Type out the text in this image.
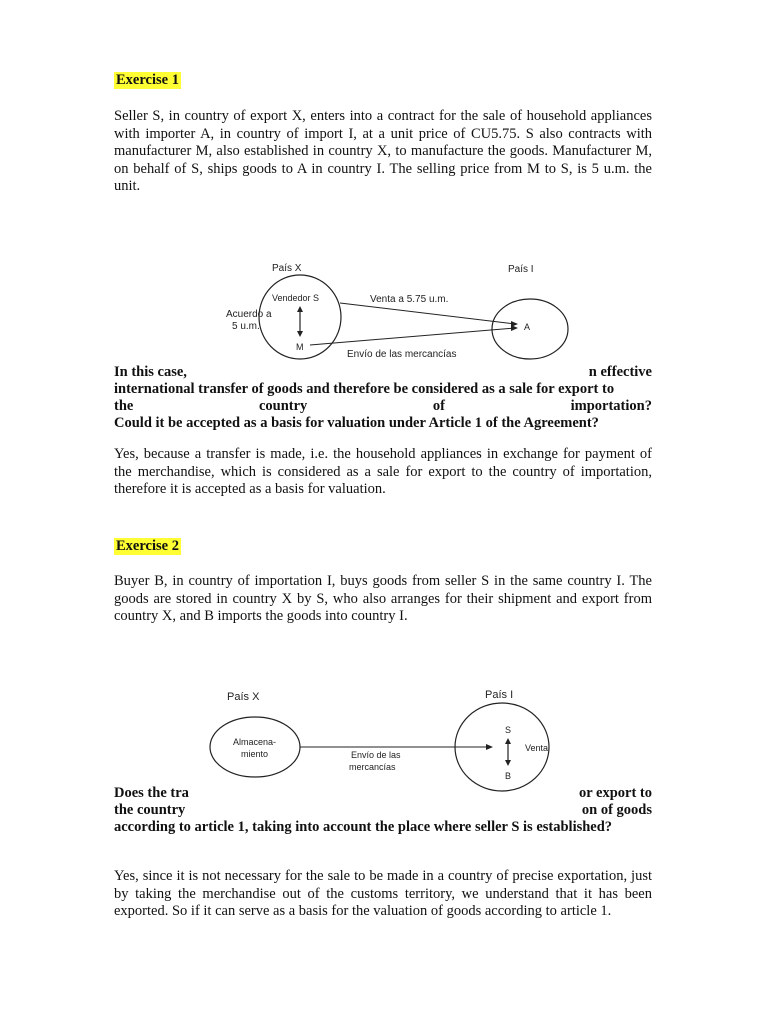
Exercise 1

Seller S, in country of export X, enters into a contract for the sale of household appliances with importer A, in country of import I, at a unit price of CU5.75. S also contracts with manufacturer M, also established in country X, to manufacture the goods. Manufacturer M, on behalf of S, ships goods to A in country I. The selling price from M to S, is 5 u.m. the unit.

País X	País I
Vendedor S
Acuerdo a
5 u.m.
M
Venta a 5.75 u.m.
A
Envío de las mercancías
In this case,	n effective
international transfer of goods and therefore be considered as a sale for export to
the	country	of	importation?
Could it be accepted as a basis for valuation under Article 1 of the Agreement?

Yes, because a transfer is made, i.e. the household appliances in exchange for payment of the merchandise, which is considered as a sale for export to the country of importation, therefore it is accepted as a basis for valuation.

Exercise 2

Buyer B, in country of importation I, buys goods from seller S in the same country I. The goods are stored in country X by S, who also arranges for their shipment and export from country X, and B imports the goods into country I.

País X	País I
Almacena-
miento	Envío de las
mercancías
S
B
Venta
Does the tra	or export to
the country	on of goods
according to article 1, taking into account the place where seller S is established?

Yes, since it is not necessary for the sale to be made in a country of precise exportation, just by taking the merchandise out of the customs territory, we understand that it has been exported. So if it can serve as a basis for the valuation of goods according to article 1.
